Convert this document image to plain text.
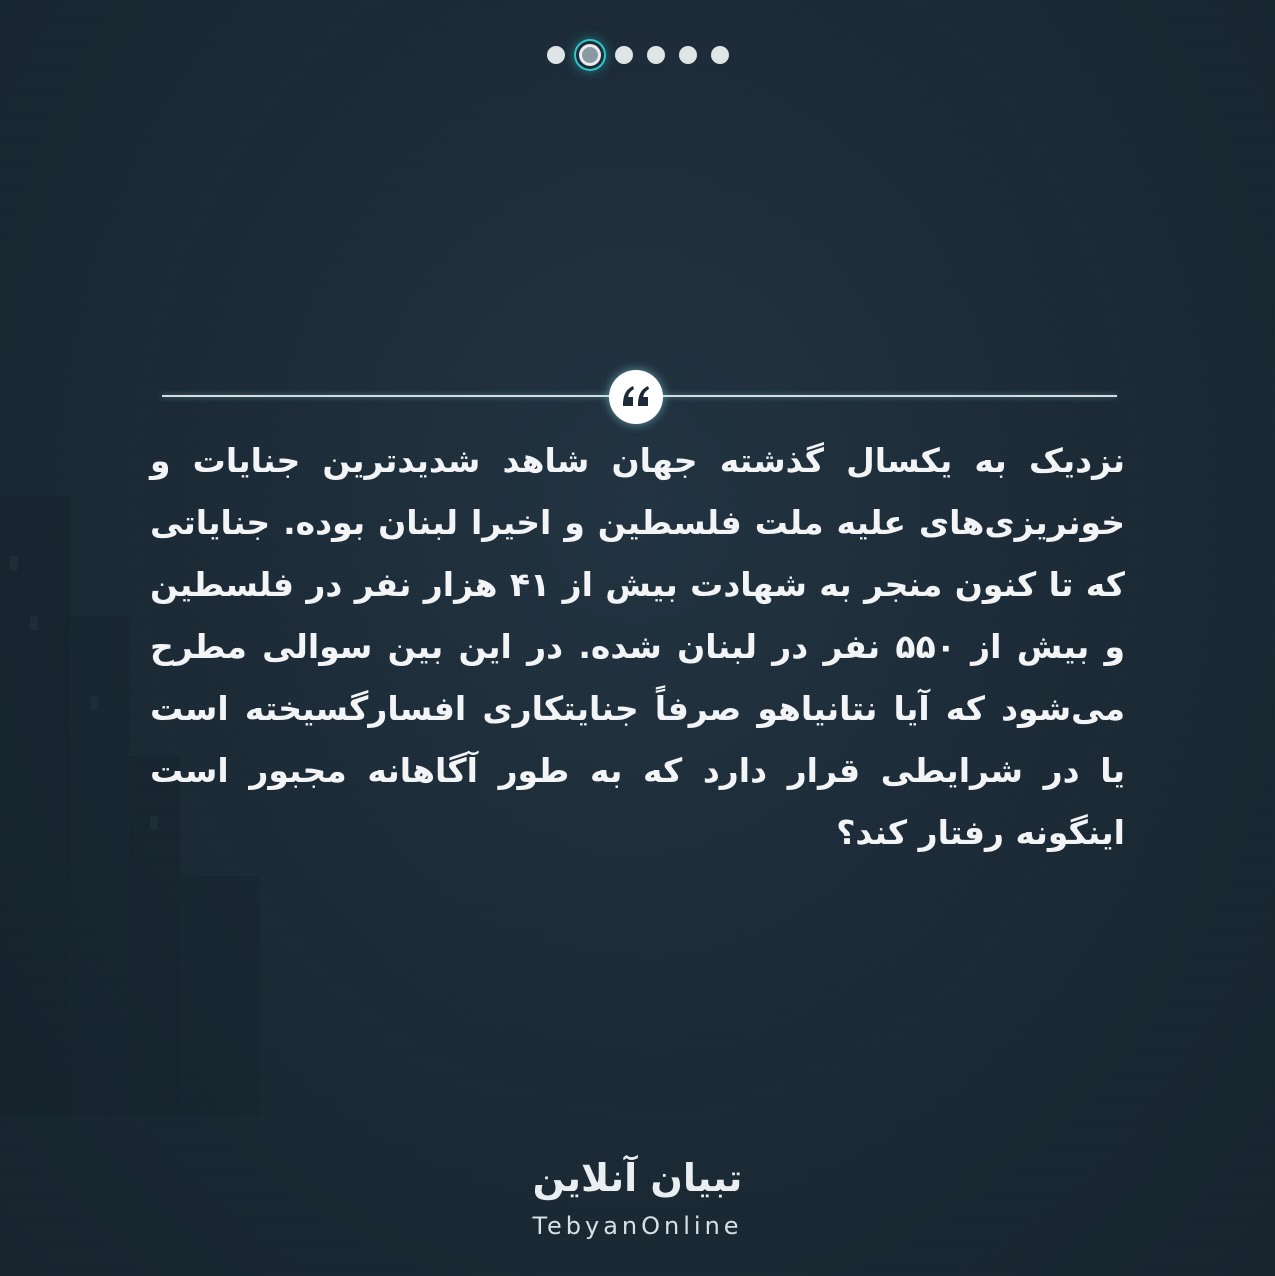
نزدیک به یکسال گذشته جهان شاهد شدیدترین جنایات و خونریزی‌های علیه ملت فلسطین و اخیرا لبنان بوده. جنایاتی که تا کنون منجر به شهادت بیش از ۴۱ هزار نفر در فلسطین و بیش از ۵۵۰ نفر در لبنان شده. در این بین سوالی مطرح می‌شود که آیا نتانیاهو صرفاً جنایتکاری افسارگسیخته است یا در شرایطی قرار دارد که به طور آگاهانه مجبور است اینگونه رفتار کند؟

تبیان آنلاین
TebyanOnline
